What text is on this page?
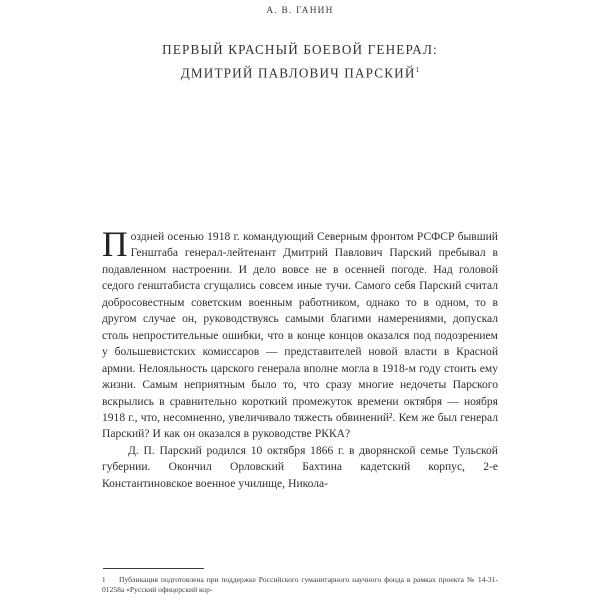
А. В. ГАНИН
ПЕРВЫЙ КРАСНЫЙ БОЕВОЙ ГЕНЕРАЛ:
ДМИТРИЙ ПАВЛОВИЧ ПАРСКИЙ$^1$

Поздней осенью 1918 г. командующий Северным фронтом РСФСР бывший Генштаба генерал-лейтенант Дмитрий Павлович Парский пребывал в подавленном настроении. И дело вовсе не в осенней погоде. Над головой седого генштабиста сгущались совсем иные тучи. Самого себя Парский считал добросовестным советским военным работником, однако то в одном, то в другом случае он, руководствуясь самыми благими намерениями, допускал столь непростительные ошибки, что в конце концов оказался под подозрением у большевистских комиссаров — представителей новой власти в Красной армии. Нелояльность царского генерала вполне могла в 1918-м году стоить ему жизни. Самым неприятным было то, что сразу многие недочеты Парского вскрылись в сравнительно короткий промежуток времени октября — ноября 1918 г., что, несомненно, увеличивало тяжесть обвинений². Кем же был генерал Парский? И как он оказался в руководстве РККА?

Д. П. Парский родился 10 октября 1866 г. в дворянской семье Тульской губернии. Окончил Орловский Бахтина кадетский корпус, 2-е Константиновское военное училище, Никола-

1 Публикация подготовлена при поддержке Российского гуманитарного научного фонда в рамках проекта № 14-31-01258а «Русский офицерский кор-
